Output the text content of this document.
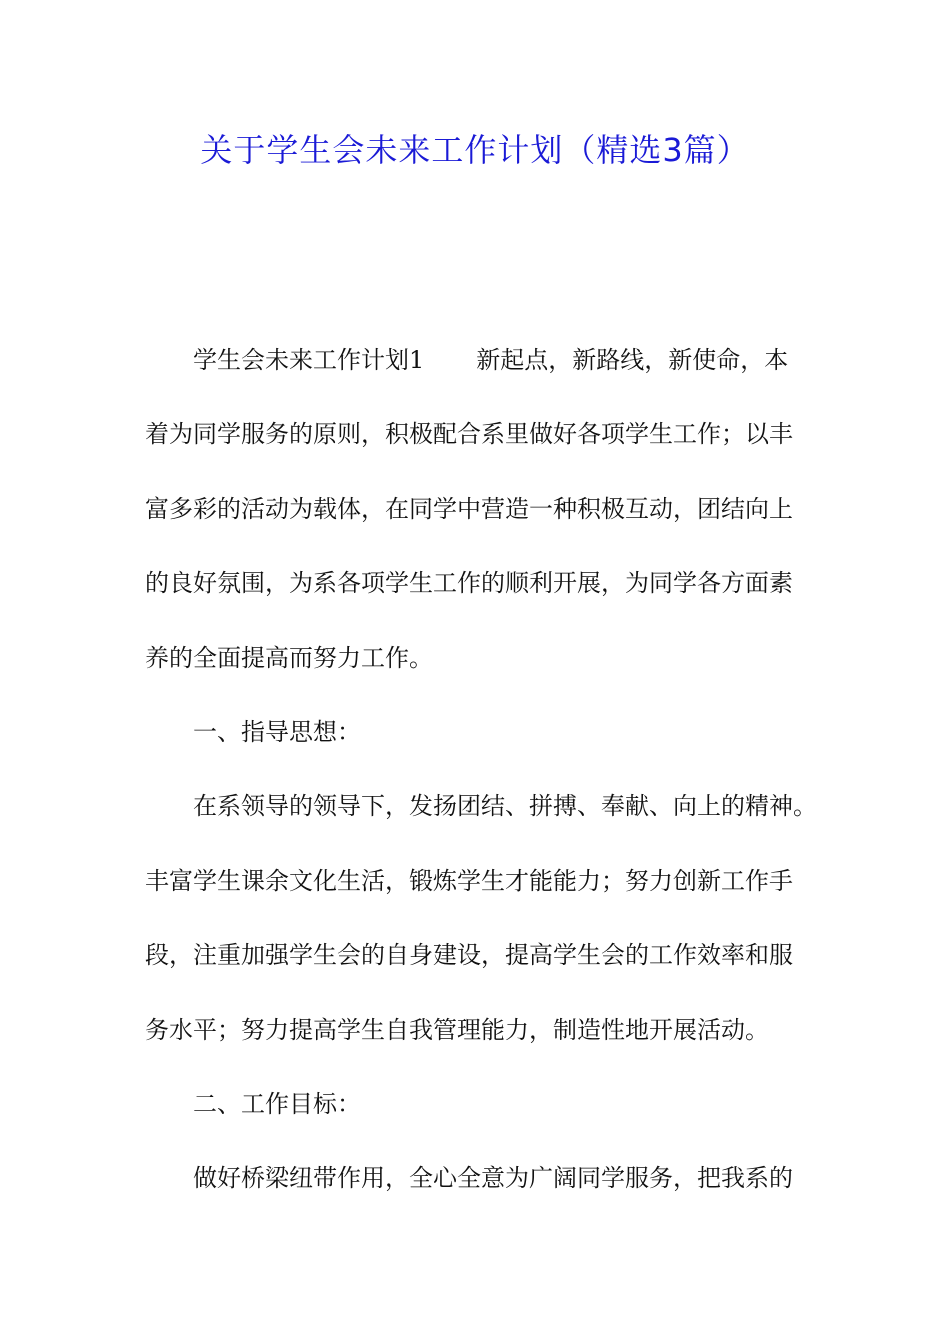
关于学生会未来工作计划（精选3篇）
学生会未来工作计划1 新起点，新路线，新使命，本
着为同学服务的原则，积极配合系里做好各项学生工作；以丰
富多彩的活动为载体，在同学中营造一种积极互动，团结向上
的良好氛围，为系各项学生工作的顺利开展，为同学各方面素
养的全面提高而努力工作。
一、指导思想：
在系领导的领导下，发扬团结、拼搏、奉献、向上的精神。
丰富学生课余文化生活，锻炼学生才能能力；努力创新工作手
段，注重加强学生会的自身建设，提高学生会的工作效率和服
务水平；努力提高学生自我管理能力，制造性地开展活动。
二、工作目标：
做好桥梁纽带作用，全心全意为广阔同学服务，把我系的
